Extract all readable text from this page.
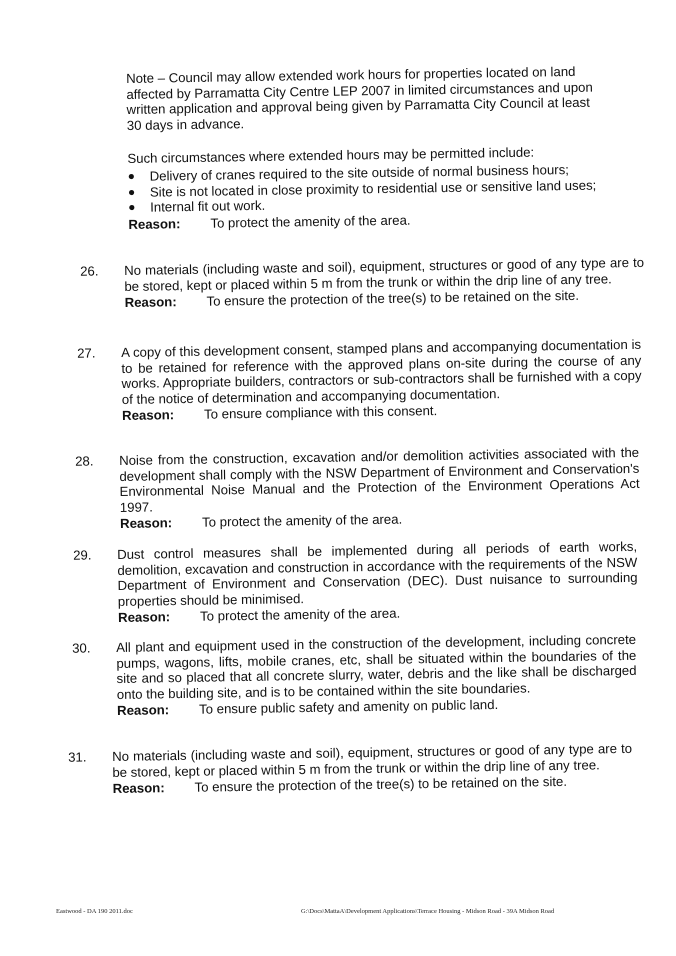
Note – Council may allow extended work hours for properties located on land affected by Parramatta City Centre LEP 2007 in limited circumstances and upon written application and approval being given by Parramatta City Council at least 30 days in advance.

Such circumstances where extended hours may be permitted include:

● Delivery of cranes required to the site outside of normal business hours;
● Site is not located in close proximity to residential use or sensitive land uses;
● Internal fit out work.
Reason:	To protect the amenity of the area.
26. No materials (including waste and soil), equipment, structures or good of any type are to be stored, kept or placed within 5 m from the trunk or within the drip line of any tree.

Reason:	To ensure the protection of the tree(s) to be retained on the site.
27. A copy of this development consent, stamped plans and accompanying documentation is to be retained for reference with the approved plans on-site during the course of any works. Appropriate builders, contractors or sub-contractors shall be furnished with a copy of the notice of determination and accompanying documentation.

Reason:	To ensure compliance with this consent.
28. Noise from the construction, excavation and/or demolition activities associated with the development shall comply with the NSW Department of Environment and Conservation's Environmental Noise Manual and the Protection of the Environment Operations Act 1997.

Reason:	To protect the amenity of the area.
29. Dust control measures shall be implemented during all periods of earth works, demolition, excavation and construction in accordance with the requirements of the NSW Department of Environment and Conservation (DEC). Dust nuisance to surrounding properties should be minimised.

Reason:	To protect the amenity of the area.
30. All plant and equipment used in the construction of the development, including concrete pumps, wagons, lifts, mobile cranes, etc, shall be situated within the boundaries of the site and so placed that all concrete slurry, water, debris and the like shall be discharged onto the building site, and is to be contained within the site boundaries.

Reason:	To ensure public safety and amenity on public land.
31. No materials (including waste and soil), equipment, structures or good of any type are to be stored, kept or placed within 5 m from the trunk or within the drip line of any tree.

Reason:	To ensure the protection of the tree(s) to be retained on the site.
Eastwood - DA 190 2011.doc	G:\Docs\MattaA\Development Applications\Terrace Housing - Midson Road - 39A Midson Road
